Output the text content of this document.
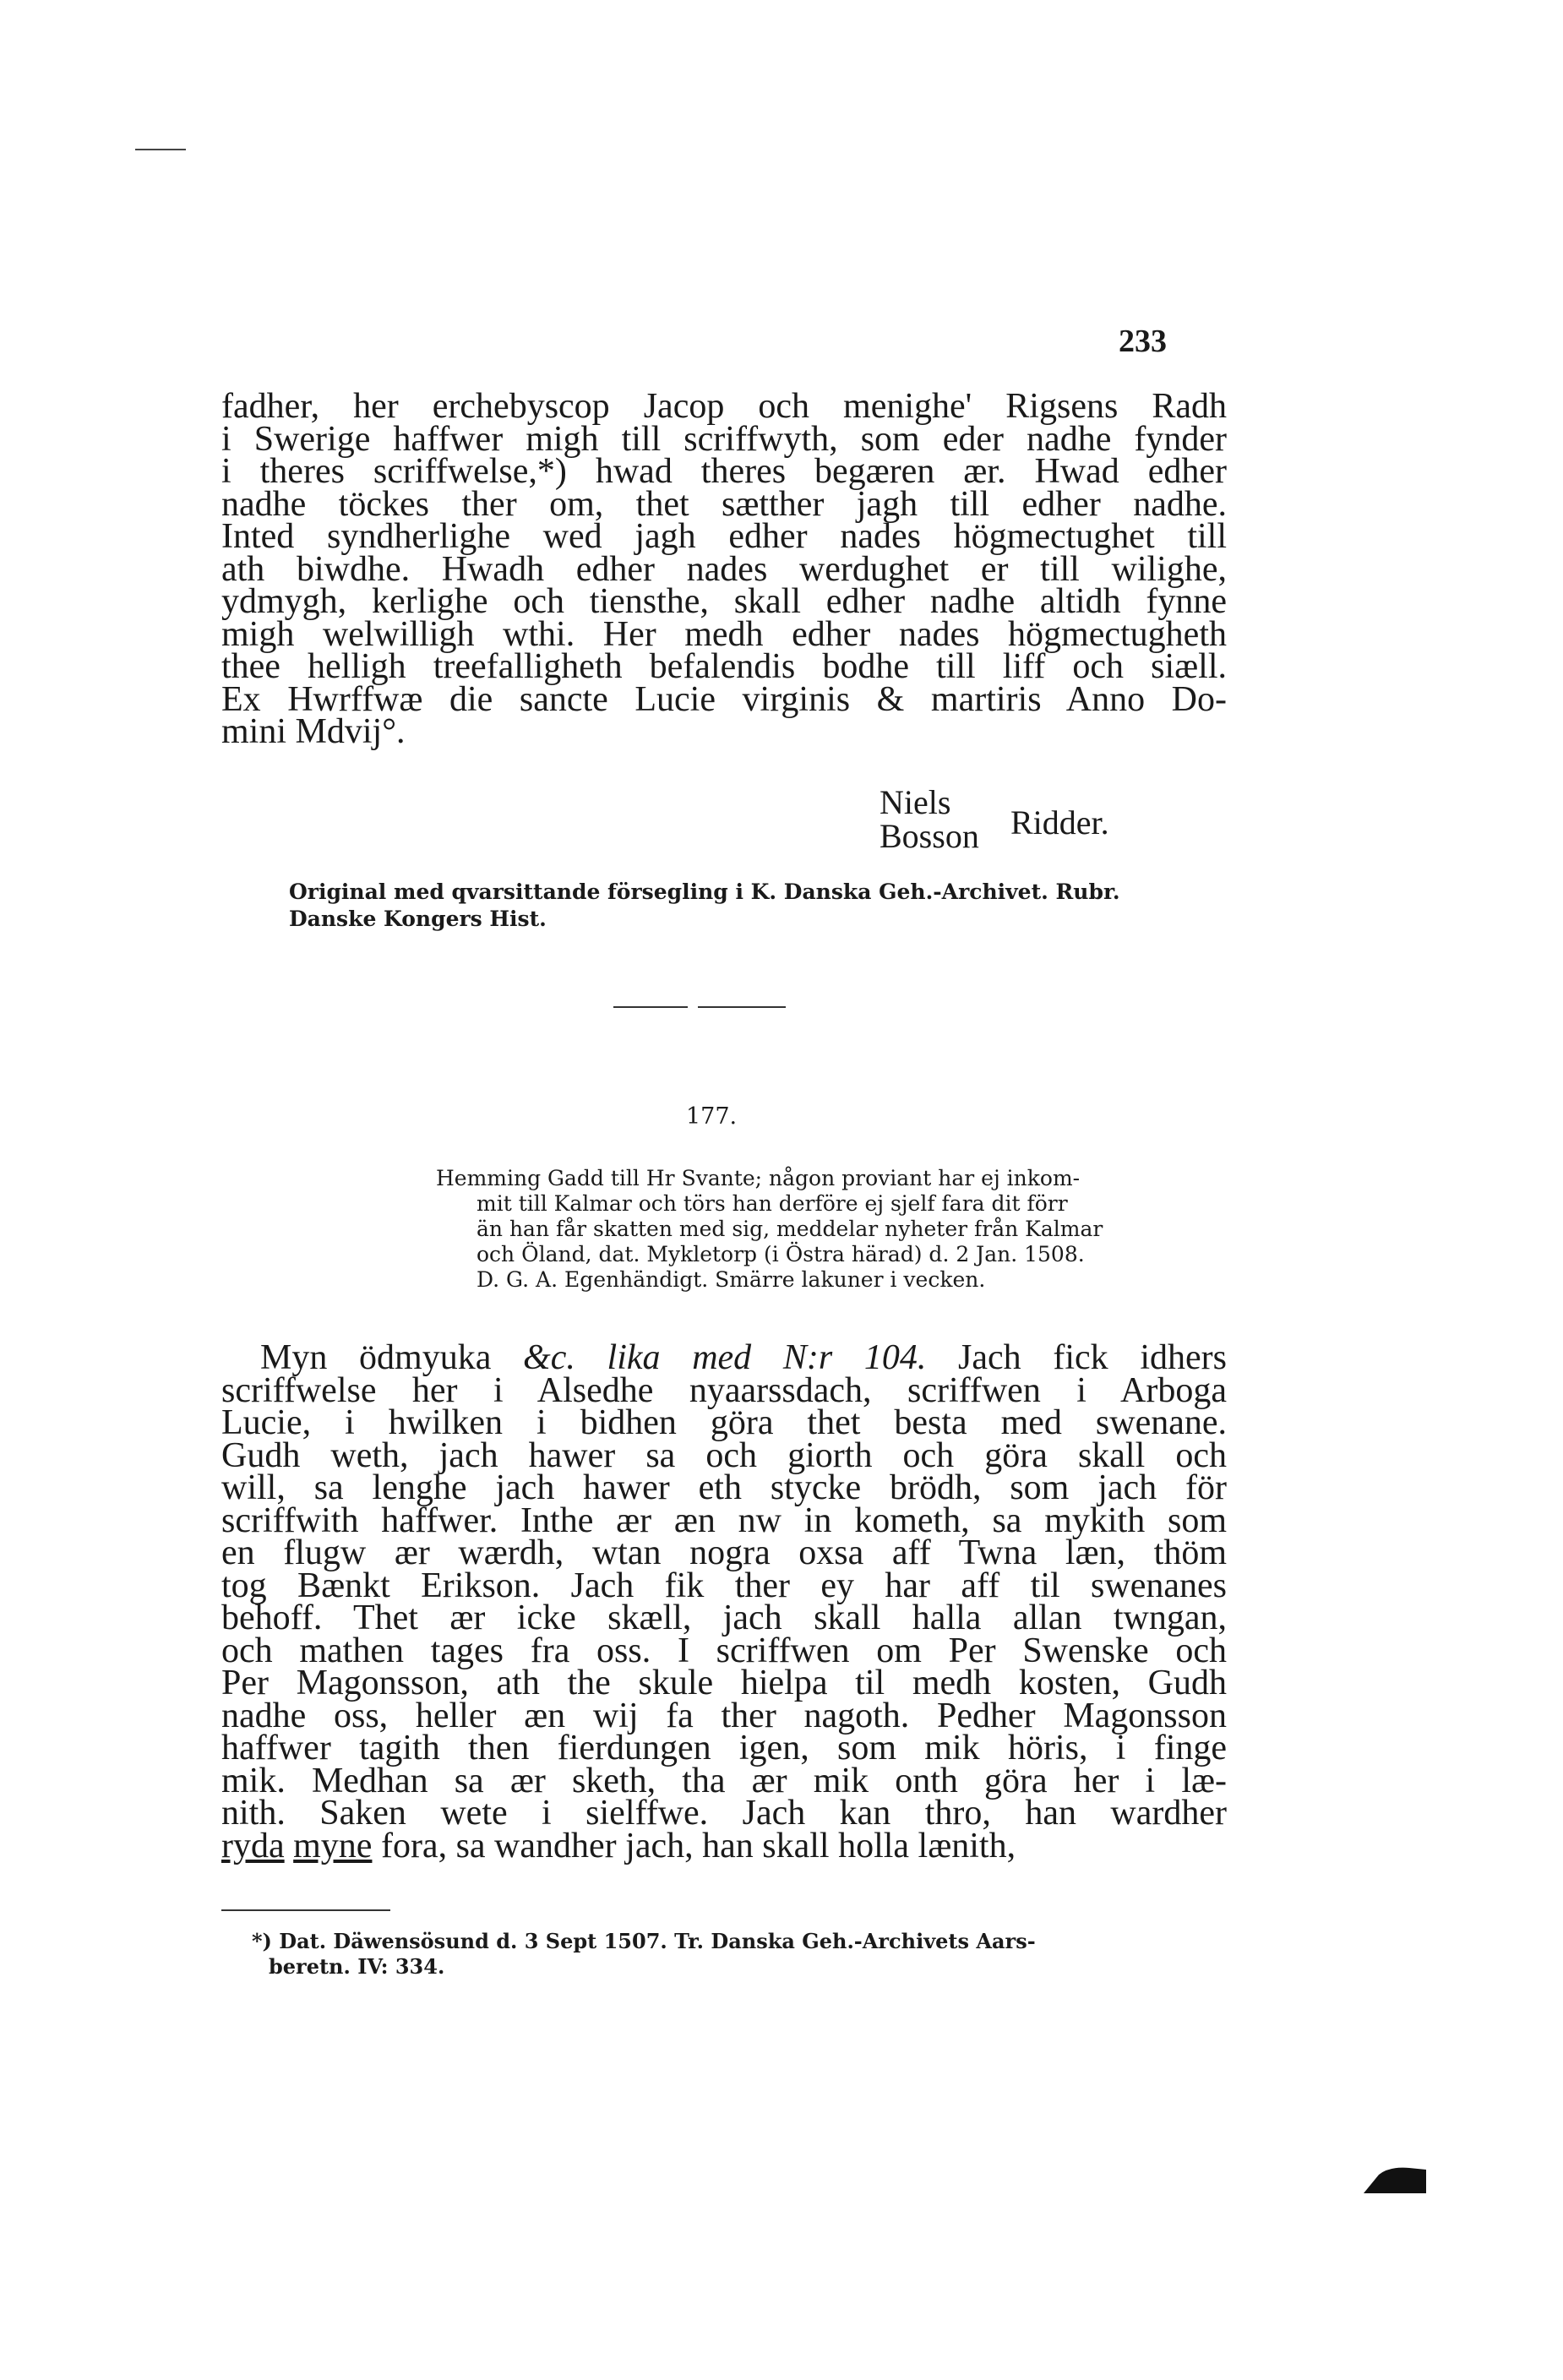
233
fadher, her erchebyscop Jacop och menighe' Rigsens Radh
i Swerige haffwer migh till scriffwyth, som eder nadhe fynder
i theres scriffwelse,*) hwad theres begæren ær. Hwad edher
nadhe töckes ther om, thet sætther jagh till edher nadhe.
Inted syndherlighe wed jagh edher nades högmectughet till
ath biwdhe. Hwadh edher nades werdughet er till wilighe,
ydmygh, kerlighe och tiensthe, skall edher nadhe altidh fynne
migh welwilligh wthi. Her medh edher nades högmectugheth
thee helligh treefalligheth befalendis bodhe till liff och siæll.
Ex Hwrffwæ die sancte Lucie virginis & martiris Anno Do-
mini Mdvij°.
Niels
Bosson Ridder.
Original med qvarsittande försegling i K. Danska Geh.-Archivet. Rubr.
Danske Kongers Hist.
177.
Hemming Gadd till Hr Svante; någon proviant har ej inkom-
mit till Kalmar och törs han derföre ej sjelf fara dit förr
än han får skatten med sig, meddelar nyheter från Kalmar
och Öland, dat. Mykletorp (i Östra härad) d. 2 Jan. 1508.
D. G. A. Egenhändigt. Smärre lakuner i vecken.
Myn ödmyuka &c. lika med N:r 104. Jach fick idhers
scriffwelse her i Alsedhe nyaarssdach, scriffwen i Arboga
Lucie, i hwilken i bidhen göra thet besta med swenane.
Gudh weth, jach hawer sa och giorth och göra skall och
will, sa lenghe jach hawer eth stycke brödh, som jach för
scriffwith haffwer. Inthe ær æn nw in kometh, sa mykith som
en flugw ær wærdh, wtan nogra oxsa aff Twna læn, thöm
tog Bænkt Erikson. Jach fik ther ey har aff til swenanes
behoff. Thet ær icke skæll, jach skall halla allan twngan,
och mathen tages fra oss. I scriffwen om Per Swenske och
Per Magonsson, ath the skule hielpa til medh kosten, Gudh
nadhe oss, heller æn wij fa ther nagoth. Pedher Magonsson
haffwer tagith then fierdungen igen, som mik höris, i finge
mik. Medhan sa ær sketh, tha ær mik onth göra her i læ-
nith. Saken wete i sielffwe. Jach kan thro, han wardher
ryda myne fora, sa wandher jach, han skall holla lænith,
*) Dat. Däwensösund d. 3 Sept 1507. Tr. Danska Geh.-Archivets Aars-
beretn. IV: 334.
